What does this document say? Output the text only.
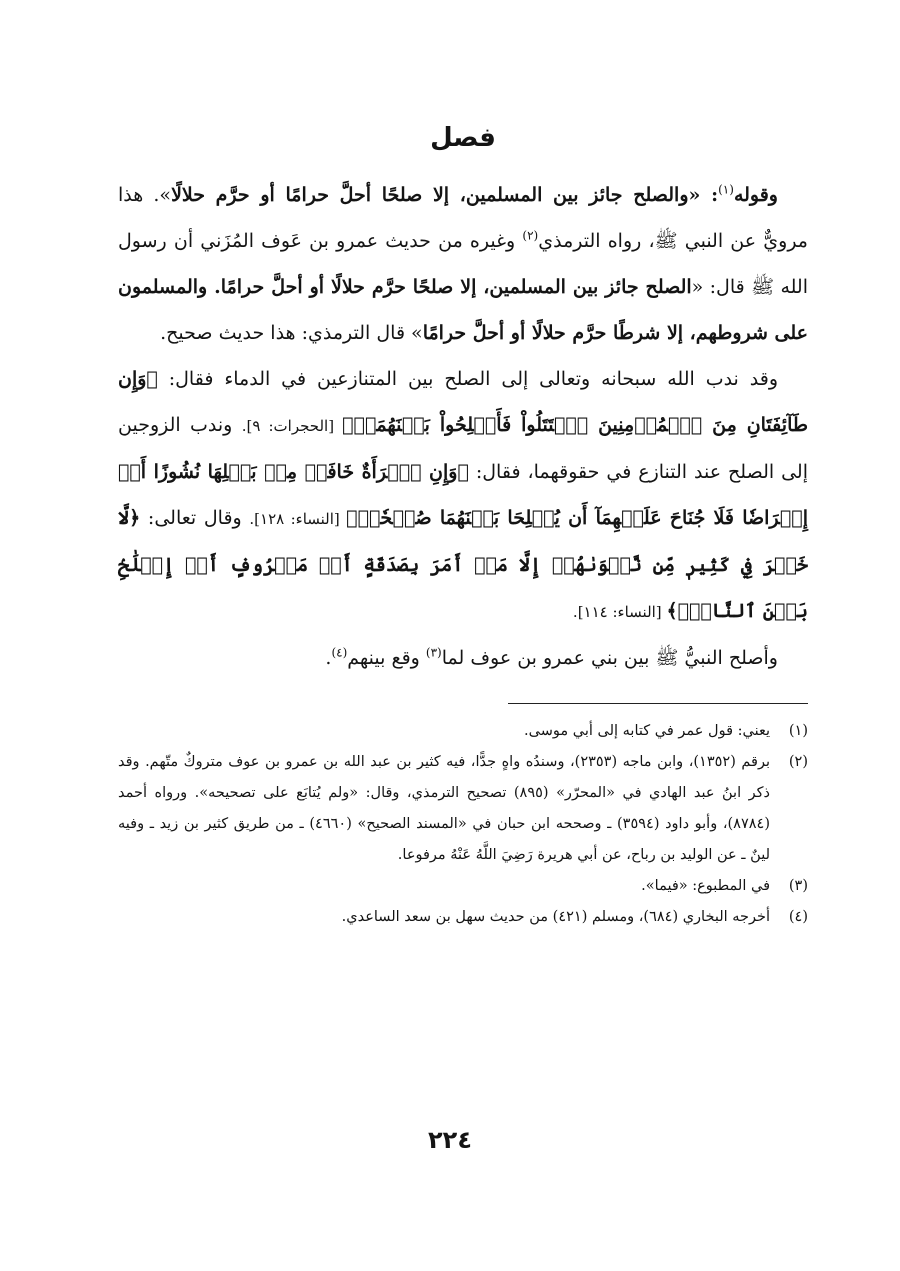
فصل

وقوله$^{(١)}$: «والصلح جائز بين المسلمين، إلا صلحًا أحلَّ حرامًا أو حرَّم حلالًا». هذا مرويٌّ عن النبي ﷺ، رواه الترمذي$^{(٢)}$ وغيره من حديث عمرو بن عَوف المُزَني أن رسول الله ﷺ قال: «الصلح جائز بين المسلمين، إلا صلحًا حرَّم حلالًا أو أحلَّ حرامًا. والمسلمون على شروطهم، إلا شرطًا حرَّم حلالًا أو أحلَّ حرامًا» قال الترمذي: هذا حديث صحيح.

وقد ندب الله سبحانه وتعالى إلى الصلح بين المتنازعين في الدماء فقال: ﴿وَإِن طَآئِفَتَانِ مِنَ ٱلۡمُؤۡمِنِينَ ٱقۡتَتَلُواْ فَأَصۡلِحُواْ بَيۡنَهُمَاۖ﴾ [الحجرات: ٩]. وندب الزوجين إلى الصلح عند التنازع في حقوقهما، فقال: ﴿وَإِنِ ٱمۡرَأَةٌ خَافَتۡ مِنۢ بَعۡلِهَا نُشُوزًا أَوۡ إِعۡرَاضٗا فَلَا جُنَاحَ عَلَيۡهِمَآ أَن يُصۡلِحَا بَيۡنَهُمَا صُلۡحٗاۚ﴾ [النساء: ١٢٨]. وقال تعالى: ﴿لَّا خَيۡرَ فِي كَثِيرٖ مِّن نَّجۡوَىٰهُمۡ إِلَّا مَنۡ أَمَرَ بِصَدَقَةٍ أَوۡ مَعۡرُوفٍ أَوۡ إِصۡلَٰحِۢ بَيۡنَ ٱلنَّاسِۚ﴾ [النساء: ١١٤].

وأصلح النبيُّ ﷺ بين بني عمرو بن عوف لما$^{(٣)}$ وقع بينهم$^{(٤)}$.

(١)
يعني: قول عمر في كتابه إلى أبي موسى.
(٢)
برقم (١٣٥٢)، وابن ماجه (٢٣٥٣)، وسندُه واهٍ جدًّا، فيه كثير بن عبد الله بن عمرو بن عوف متروكٌ متّهم. وقد ذكر ابنُ عبد الهادي في «المحرّر» (٨٩٥) تصحيح الترمذي، وقال: «ولم يُتابَع على تصحيحه». ورواه أحمد (٨٧٨٤)، وأبو داود (٣٥٩٤) ـ وصححه ابن حبان في «المسند الصحيح» (٤٦٦٠) ـ من طريق كثير بن زيد ـ وفيه لينٌ ـ عن الوليد بن رباح، عن أبي هريرة رَضِيَ اللَّهُ عَنْهُ مرفوعا.
(٣)
في المطبوع: «فيما».
(٤)
أخرجه البخاري (٦٨٤)، ومسلم (٤٢١) من حديث سهل بن سعد الساعدي.
٢٢٤
